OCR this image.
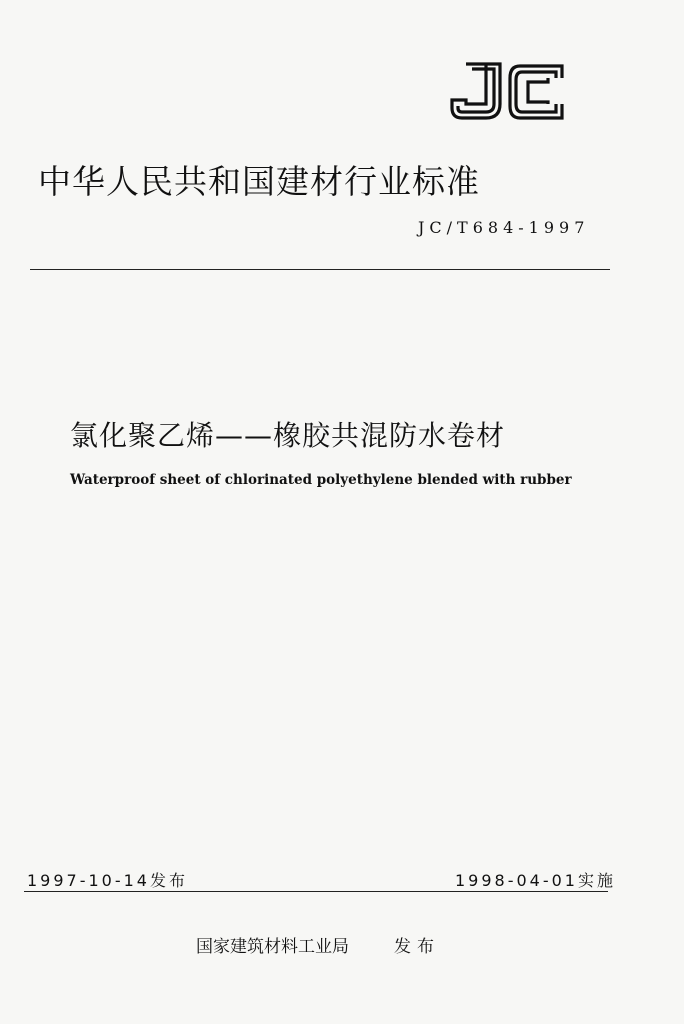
中华人民共和国建材行业标准
JC/T684-1997
氯化聚乙烯——橡胶共混防水卷材
Waterproof sheet of chlorinated polyethylene blended with rubber
1997-10-14发布	1998-04-01实施
国家建筑材料工业局	发布
